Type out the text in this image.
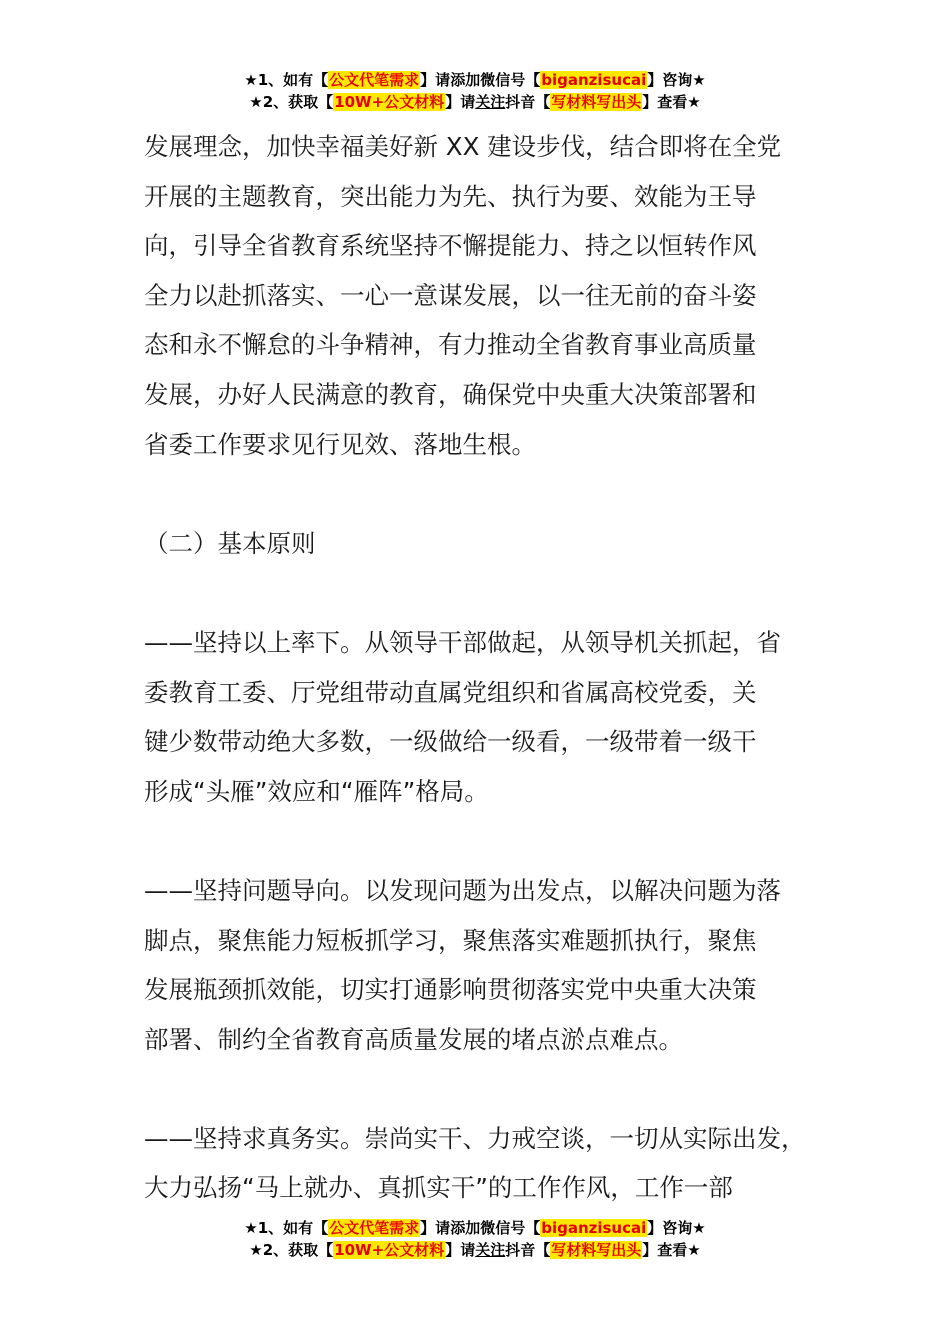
★1、如有【公文代笔需求】请添加微信号【biganzisucai】咨询★
★2、获取【10W+公文材料】请关注抖音【写材料写出头】查看★

发展理念，加快幸福美好新 XX 建设步伐，结合即将在全党

开展的主题教育，突出能力为先、执行为要、效能为王导

向，引导全省教育系统坚持不懈提能力、持之以恒转作风

全力以赴抓落实、一心一意谋发展，以一往无前的奋斗姿

态和永不懈怠的斗争精神，有力推动全省教育事业高质量

发展，办好人民满意的教育，确保党中央重大决策部署和

省委工作要求见行见效、落地生根。

（二）基本原则

——坚持以上率下。从领导干部做起，从领导机关抓起，省

委教育工委、厅党组带动直属党组织和省属高校党委，关

键少数带动绝大多数，一级做给一级看，一级带着一级干

形成“头雁”效应和“雁阵”格局。

——坚持问题导向。以发现问题为出发点，以解决问题为落

脚点，聚焦能力短板抓学习，聚焦落实难题抓执行，聚焦

发展瓶颈抓效能，切实打通影响贯彻落实党中央重大决策

部署、制约全省教育高质量发展的堵点淤点难点。

——坚持求真务实。崇尚实干、力戒空谈，一切从实际出发，

大力弘扬“马上就办、真抓实干”的工作作风，工作一部

★1、如有【公文代笔需求】请添加微信号【biganzisucai】咨询★
★2、获取【10W+公文材料】请关注抖音【写材料写出头】查看★
